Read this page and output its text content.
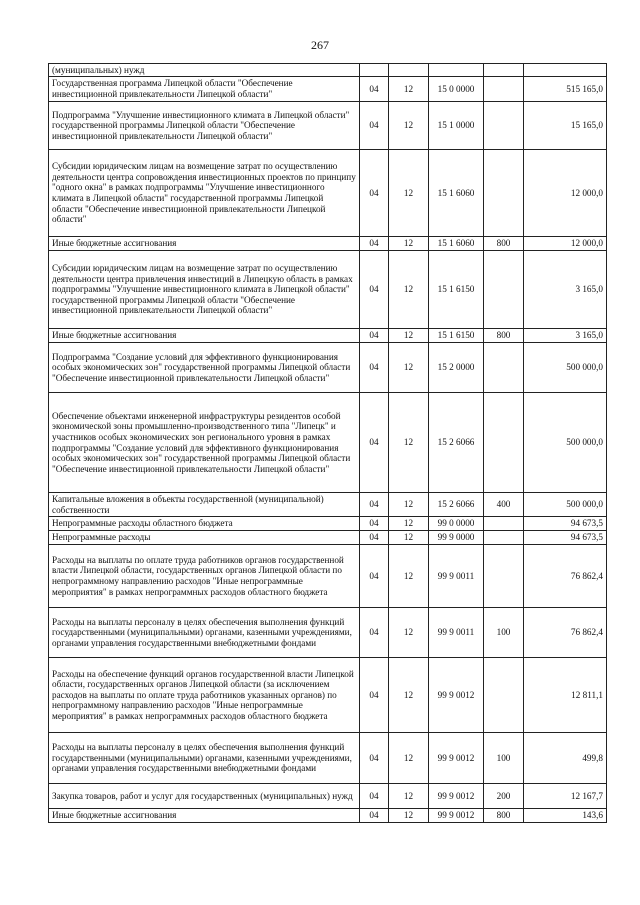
267
(муниципальных) нужд					
Государственная программа Липецкой области "Обеспечение инвестиционной привлекательности Липецкой области"	04	12	15 0 0000		515 165,0
Подпрограмма "Улучшение инвестиционного климата в Липецкой области" государственной программы Липецкой области "Обеспечение инвестиционной привлекательности Липецкой области"	04	12	15 1 0000		15 165,0
Субсидии юридическим лицам на возмещение затрат по осуществлению деятельности центра сопровождения инвестиционных проектов по принципу "одного окна" в рамках подпрограммы "Улучшение инвестиционного климата в Липецкой области" государственной программы Липецкой области "Обеспечение инвестиционной привлекательности Липецкой области"	04	12	15 1 6060		12 000,0
Иные бюджетные ассигнования	04	12	15 1 6060	800	12 000,0
Субсидии юридическим лицам на возмещение затрат по осуществлению деятельности центра привлечения инвестиций в Липецкую область в рамках подпрограммы "Улучшение инвестиционного климата в Липецкой области" государственной программы Липецкой области "Обеспечение инвестиционной привлекательности Липецкой области"	04	12	15 1 6150		3 165,0
Иные бюджетные ассигнования	04	12	15 1 6150	800	3 165,0
Подпрограмма "Создание условий для эффективного функционирования особых экономических зон" государственной программы Липецкой области "Обеспечение инвестиционной привлекательности Липецкой области"	04	12	15 2 0000		500 000,0
Обеспечение объектами инженерной инфраструктуры резидентов особой экономической зоны промышленно-производственного типа "Липецк" и участников особых экономических зон регионального уровня в рамках подпрограммы "Создание условий для эффективного функционирования особых экономических зон" государственной программы Липецкой области "Обеспечение инвестиционной привлекательности Липецкой области"	04	12	15 2 6066		500 000,0
Капитальные вложения в объекты государственной (муниципальной) собственности	04	12	15 2 6066	400	500 000,0
Непрограммные расходы областного бюджета	04	12	99 0 0000		94 673,5
Непрограммные расходы	04	12	99 9 0000		94 673,5
Расходы на выплаты по оплате труда работников органов государственной власти Липецкой области, государственных органов Липецкой области по непрограммному направлению расходов "Иные непрограммные мероприятия" в рамках непрограммных расходов областного бюджета	04	12	99 9 0011		76 862,4
Расходы на выплаты персоналу в целях обеспечения выполнения функций государственными (муниципальными) органами, казенными учреждениями, органами управления государственными внебюджетными фондами	04	12	99 9 0011	100	76 862,4
Расходы на обеспечение функций органов государственной власти Липецкой области, государственных органов Липецкой области (за исключением расходов на выплаты по оплате труда работников указанных органов) по непрограммному направлению расходов "Иные непрограммные мероприятия" в рамках непрограммных расходов областного бюджета	04	12	99 9 0012		12 811,1
Расходы на выплаты персоналу в целях обеспечения выполнения функций государственными (муниципальными) органами, казенными учреждениями, органами управления государственными внебюджетными фондами	04	12	99 9 0012	100	499,8
Закупка товаров, работ и услуг для государственных (муниципальных) нужд	04	12	99 9 0012	200	12 167,7
Иные бюджетные ассигнования	04	12	99 9 0012	800	143,6
